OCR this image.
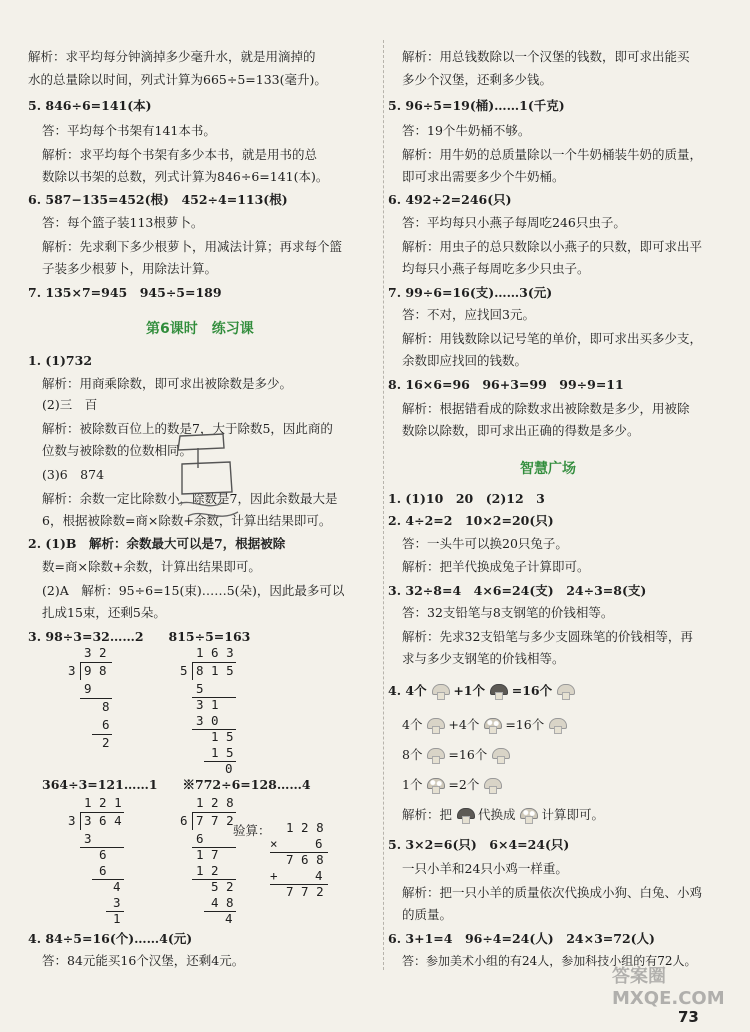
解析：求平均每分钟滴掉多少毫升水，就是用滴掉的
水的总量除以时间，列式计算为665÷5=133(毫升)。
5. 846÷6=141(本)
答：平均每个书架有141本书。
解析：求平均每个书架有多少本书，就是用书的总
数除以书架的总数，列式计算为846÷6=141(本)。
6. 587−135=452(根)　452÷4=113(根)
答：每个篮子装113根萝卜。
解析：先求剩下多少根萝卜，用减法计算；再求每个篮
子装多少根萝卜，用除法计算。
7. 135×7=945　945÷5=189
第6课时　练习课
1. (1)732
解析：用商乘除数，即可求出被除数是多少。
(2)三　百
解析：被除数百位上的数是7，大于除数5，因此商的
位数与被除数的位数相同。
(3)6　874
解析：余数一定比除数小，除数是7，因此余数最大是
6，根据被除数=商×除数+余数，计算出结果即可。
2. (1)B　解析：余数最大可以是7，根据被除
数=商×除数+余数，计算出结果即可。
(2)A　解析：95÷6=15(束)……5(朵)，因此最多可以
扎成15束，还剩5朵。
3. 98÷3=32……2　　815÷5=163
3 2
3 9 8
9
8
6
2
1 6 3
5 8 1 5
5
3 1
3 0
1 5
1 5
0
364÷3=121……1　　※772÷6=128……4
1 2 1
3 3 6 4
3
6
6
4
3
1
1 2 8
6 7 7 2
6
1 7
1 2
5 2
4 8
4
验算： 1 2 8
×	6
7 6 8
+	4
7 7 2
4. 84÷5=16(个)……4(元)
答：84元能买16个汉堡，还剩4元。
解析：用总钱数除以一个汉堡的钱数，即可求出能买
多少个汉堡，还剩多少钱。
5. 96÷5=19(桶)……1(千克)
答：19个牛奶桶不够。
解析：用牛奶的总质量除以一个牛奶桶装牛奶的质量，
即可求出需要多少个牛奶桶。
6. 492÷2=246(只)
答：平均每只小燕子每周吃246只虫子。
解析：用虫子的总只数除以小燕子的只数，即可求出平
均每只小燕子每周吃多少只虫子。
7. 99÷6=16(支)……3(元)
答：不对，应找回3元。
解析：用钱数除以记号笔的单价，即可求出买多少支，
余数即应找回的钱数。
8. 16×6=96　96+3=99　99÷9=11
解析：根据错看成的除数求出被除数是多少，用被除
数除以除数，即可求出正确的得数是多少。
智慧广场
1. (1)10　20　(2)12　3
2. 4÷2=2　10×2=20(只)
答：一头牛可以换20只兔子。
解析：把羊代换成兔子计算即可。
3. 32÷8=4　4×6=24(支)　24÷3=8(支)
答：32支铅笔与8支钢笔的价钱相等。
解析：先求32支铅笔与多少支圆珠笔的价钱相等，再
求与多少支钢笔的价钱相等。
4. 4个 +1个 =16个
4个 +4个 =16个
8个 =16个
1个 =2个
解析：把 代换成 计算即可。
5. 3×2=6(只)　6×4=24(只)
一只小羊和24只小鸡一样重。
解析：把一只小羊的质量依次代换成小狗、白兔、小鸡
的质量。
6. 3+1=4　96÷4=24(人)　24×3=72(人)
答：参加美术小组的有24人，参加科技小组的有72人。
答案圈 MXQE.COM
73
